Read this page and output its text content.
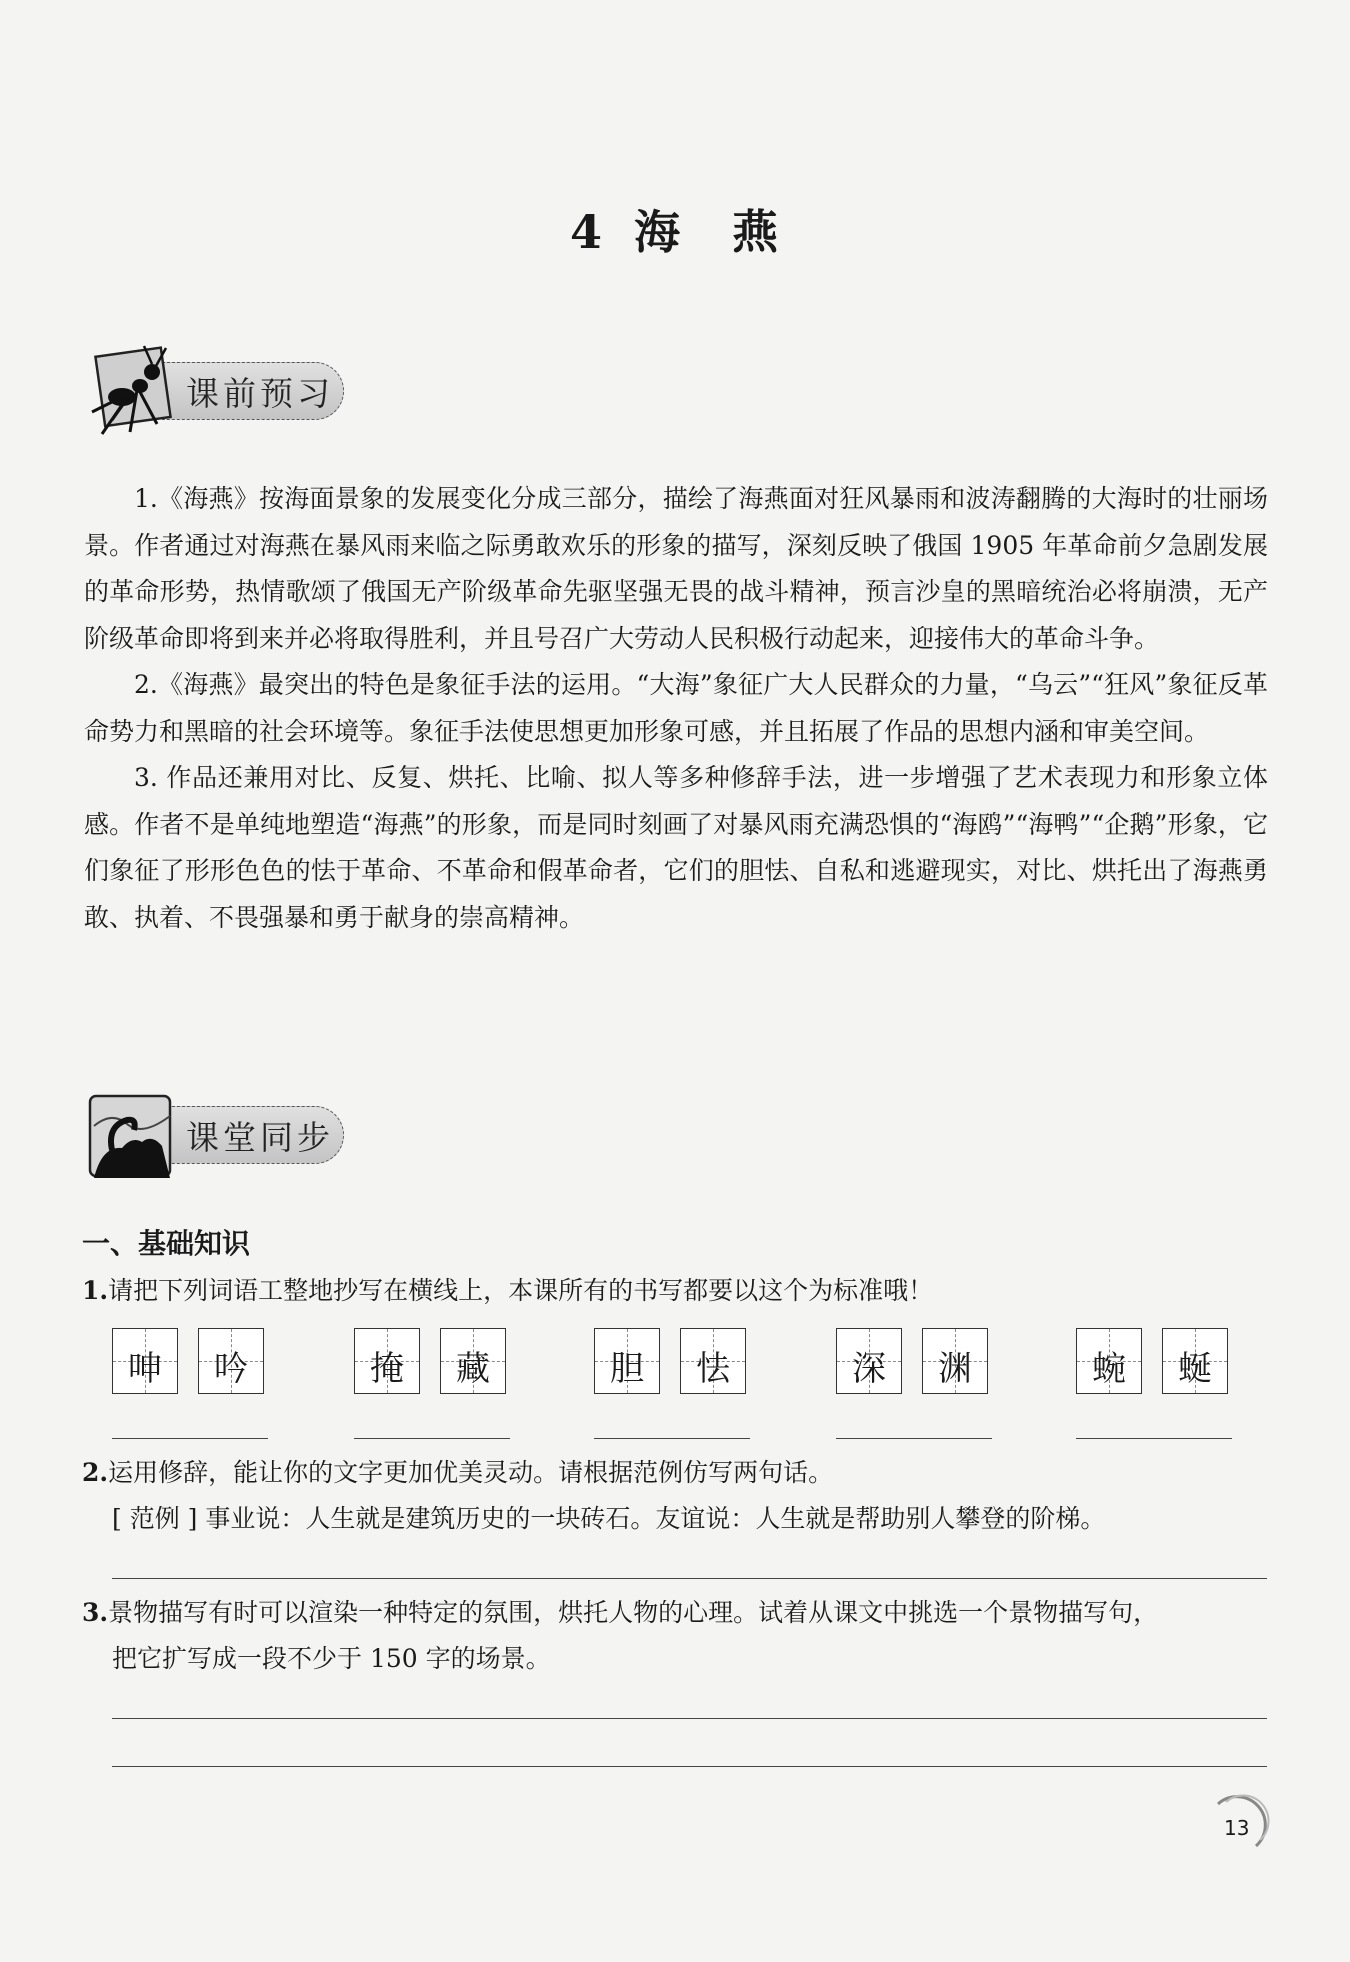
4 海 燕
课前预习

1.《海燕》按海面景象的发展变化分成三部分，描绘了海燕面对狂风暴雨和波涛翻腾的大海时的壮丽场景。作者通过对海燕在暴风雨来临之际勇敢欢乐的形象的描写，深刻反映了俄国 1905 年革命前夕急剧发展的革命形势，热情歌颂了俄国无产阶级革命先驱坚强无畏的战斗精神，预言沙皇的黑暗统治必将崩溃，无产阶级革命即将到来并必将取得胜利，并且号召广大劳动人民积极行动起来，迎接伟大的革命斗争。

2.《海燕》最突出的特色是象征手法的运用。“大海”象征广大人民群众的力量，“乌云”“狂风”象征反革命势力和黑暗的社会环境等。象征手法使思想更加形象可感，并且拓展了作品的思想内涵和审美空间。

3. 作品还兼用对比、反复、烘托、比喻、拟人等多种修辞手法，进一步增强了艺术表现力和形象立体感。作者不是单纯地塑造“海燕”的形象，而是同时刻画了对暴风雨充满恐惧的“海鸥”“海鸭”“企鹅”形象，它们象征了形形色色的怯于革命、不革命和假革命者，它们的胆怯、自私和逃避现实，对比、烘托出了海燕勇敢、执着、不畏强暴和勇于献身的崇高精神。

课堂同步
一、基础知识
1.请把下列词语工整地抄写在横线上，本课所有的书写都要以这个为标准哦！
呻	吟	掩	藏	胆	怯	深	渊	蜿	蜒
2.运用修辞，能让你的文字更加优美灵动。请根据范例仿写两句话。
[ 范例 ] 事业说：人生就是建筑历史的一块砖石。友谊说：人生就是帮助别人攀登的阶梯。
3.景物描写有时可以渲染一种特定的氛围，烘托人物的心理。试着从课文中挑选一个景物描写句，
把它扩写成一段不少于 150 字的场景。
13
